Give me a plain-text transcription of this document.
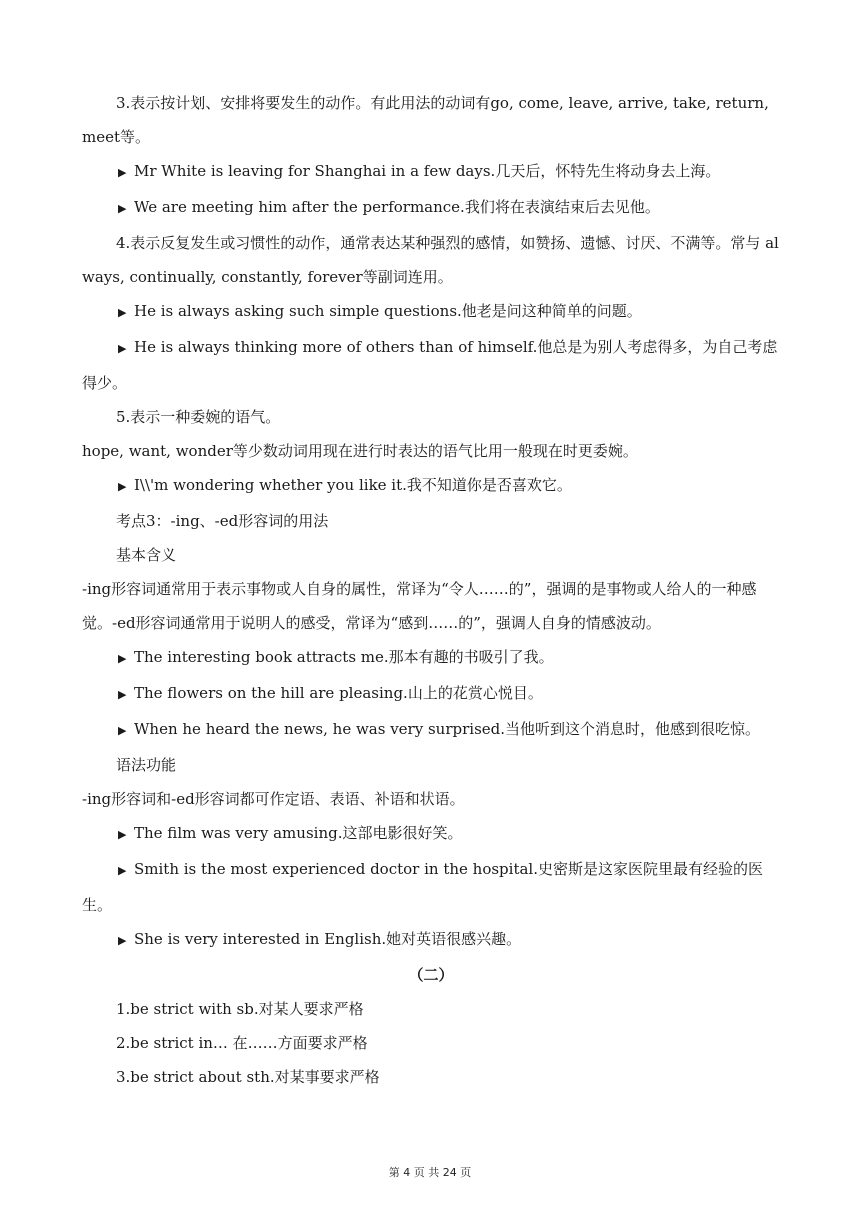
3.表示按计划、安排将要发生的动作。有此用法的动词有go, come, leave, arrive, take, return, meet等。

▶ Mr White is leaving for Shanghai in a few days.几天后，怀特先生将动身去上海。

▶ We are meeting him after the performance.我们将在表演结束后去见他。

4.表示反复发生或习惯性的动作，通常表达某种强烈的感情，如赞扬、遗憾、讨厌、不满等。常与 always, continually, constantly, forever等副词连用。

▶ He is always asking such simple questions.他老是问这种简单的问题。

▶ He is always thinking more of others than of himself.他总是为别人考虑得多，为自己考虑得少。

5.表示一种委婉的语气。

hope, want, wonder等少数动词用现在进行时表达的语气比用一般现在时更委婉。

▶ I\\'m wondering whether you like it.我不知道你是否喜欢它。

考点3：-ing、-ed形容词的用法

基本含义

-ing形容词通常用于表示事物或人自身的属性，常译为“令人……的”，强调的是事物或人给人的一种感觉。-ed形容词通常用于说明人的感受，常译为“感到……的”，强调人自身的情感波动。

▶ The interesting book attracts me.那本有趣的书吸引了我。

▶ The flowers on the hill are pleasing.山上的花赏心悦目。

▶ When he heard the news, he was very surprised.当他听到这个消息时，他感到很吃惊。

语法功能

-ing形容词和-ed形容词都可作定语、表语、补语和状语。

▶ The film was very amusing.这部电影很好笑。

▶ Smith is the most experienced doctor in the hospital.史密斯是这家医院里最有经验的医生。

▶ She is very interested in English.她对英语很感兴趣。

（二）

1.be strict with sb.对某人要求严格

2.be strict in… 在……方面要求严格

3.be strict about sth.对某事要求严格

第 4 页 共 24 页
